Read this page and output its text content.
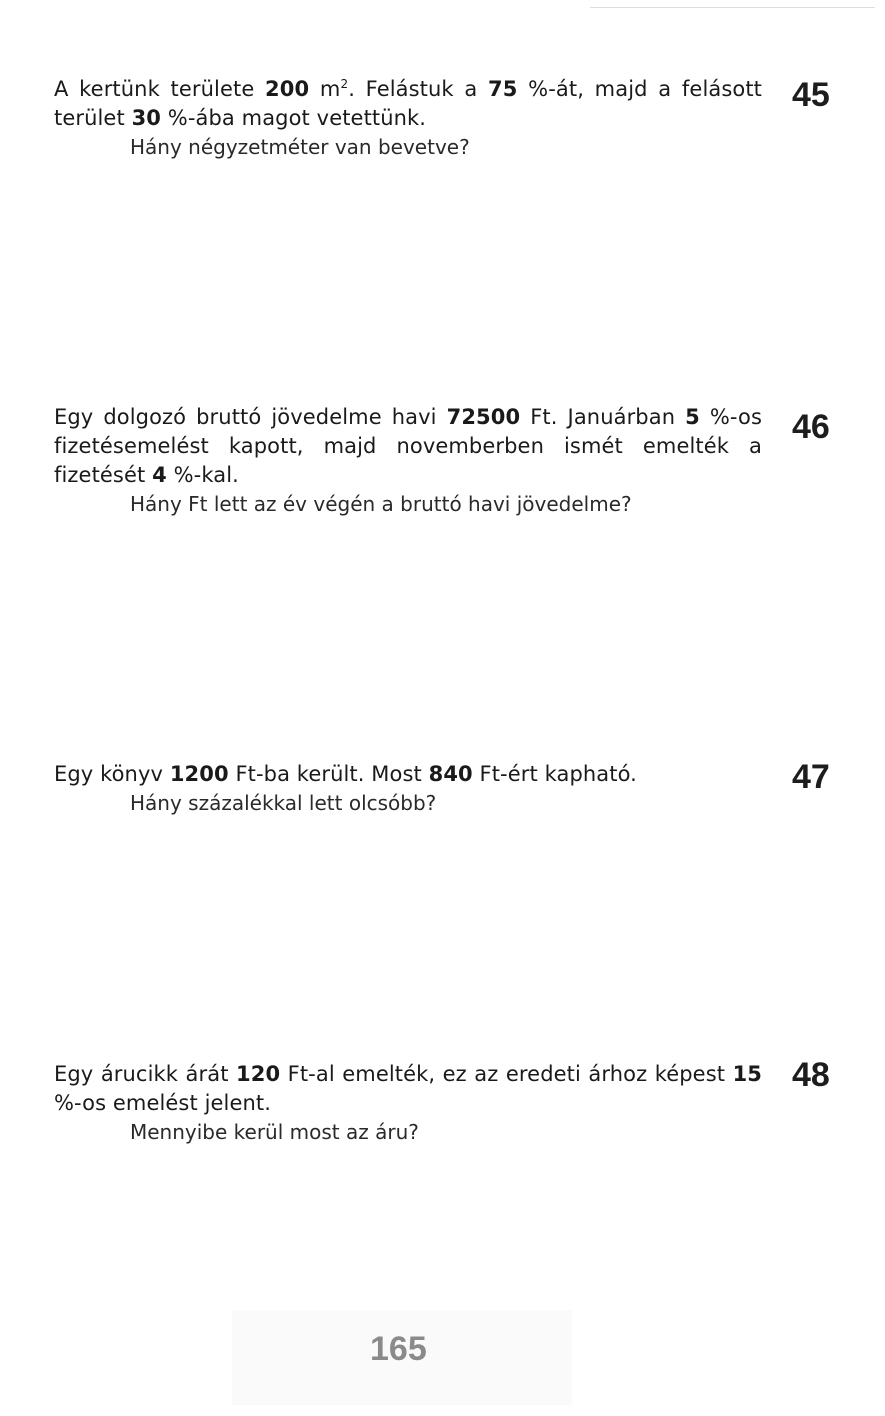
A kertünk területe 200 $m^2$. Felástuk a 75 %-át, majd a felásott terület 30 %-ába magot vetettünk.
Hány négyzetméter van bevetve?
45
Egy dolgozó bruttó jövedelme havi 72500 Ft. Januárban 5 %-os fizetésemelést kapott, majd novemberben ismét emelték a fizetését 4 %-kal.
Hány Ft lett az év végén a bruttó havi jövedelme?
46
Egy könyv 1200 Ft-ba került. Most 840 Ft-ért kapható.
Hány százalékkal lett olcsóbb?
47
Egy árucikk árát 120 Ft-al emelték, ez az eredeti árhoz képest 15 %-os emelést jelent.
Mennyibe kerül most az áru?
48
165
